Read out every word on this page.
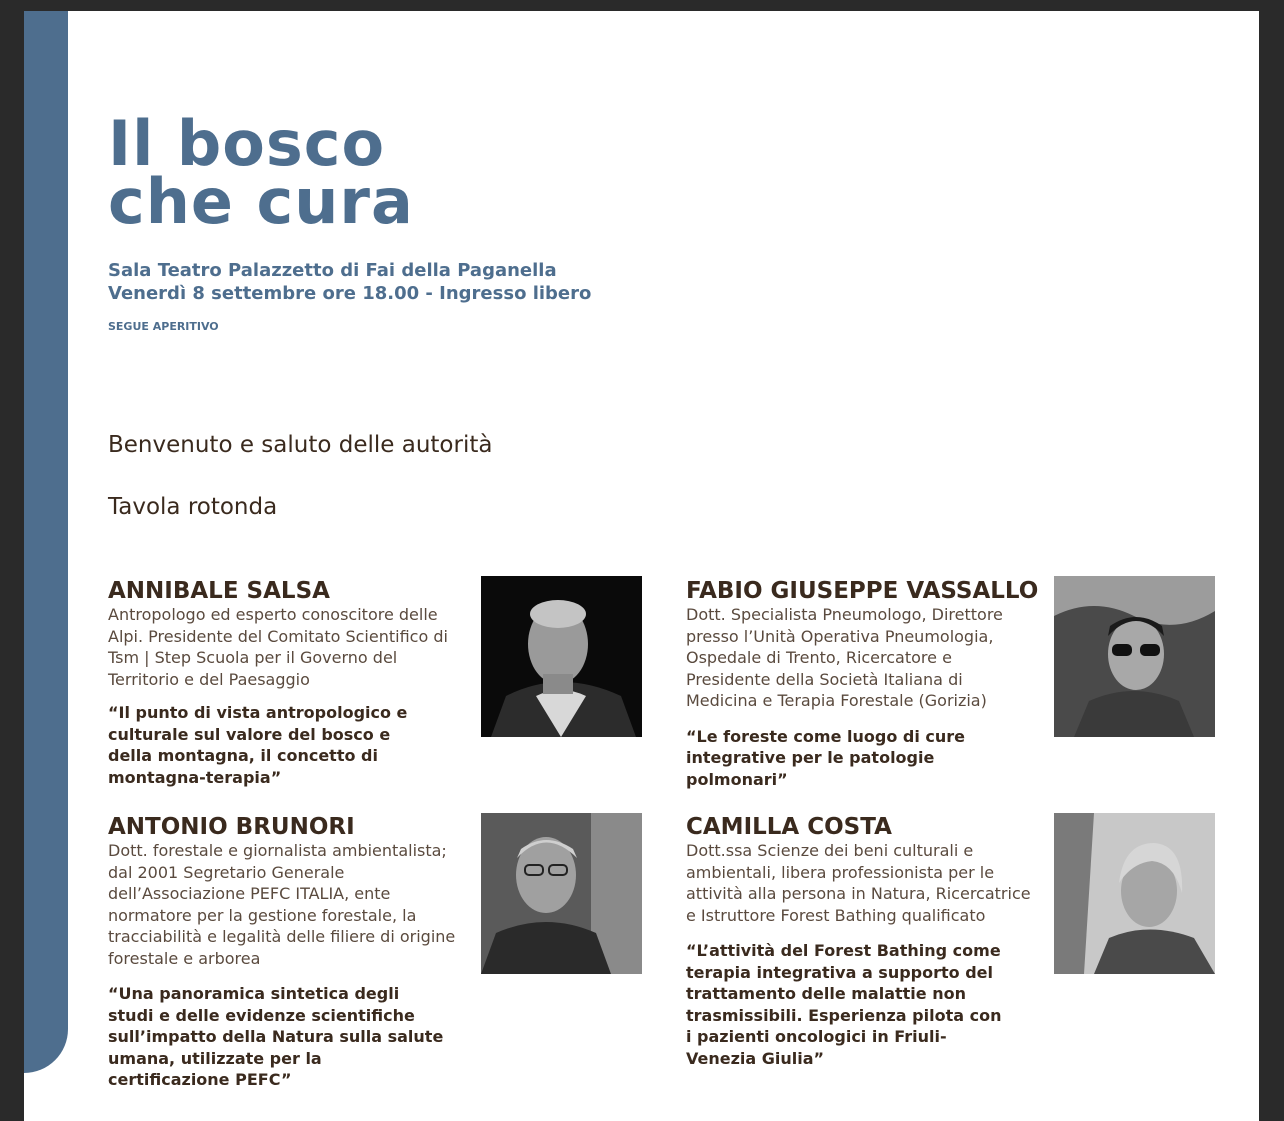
Il bosco
che cura
Sala Teatro Palazzetto di Fai della Paganella
Venerdì 8 settembre ore 18.00 - Ingresso libero
SEGUE APERITIVO
Benvenuto e saluto delle autorità
Tavola rotonda
ANNIBALE SALSA
Antropologo ed esperto conoscitore delle Alpi. Presidente del Comitato Scientifico di Tsm | Step Scuola per il Governo del Territorio e del Paesaggio
“Il punto di vista antropologico e culturale sul valore del bosco e della montagna, il concetto di montagna-terapia”
FABIO GIUSEPPE VASSALLO
Dott. Specialista Pneumologo, Direttore presso l’Unità Operativa Pneumologia, Ospedale di Trento, Ricercatore e Presidente della Società Italiana di Medicina e Terapia Forestale (Gorizia)
“Le foreste come luogo di cure integrative per le patologie polmonari”
ANTONIO BRUNORI
Dott. forestale e giornalista ambientalista; dal 2001 Segretario Generale dell’Associazione PEFC ITALIA, ente normatore per la gestione forestale, la tracciabilità e legalità delle filiere di origine forestale e arborea
“Una panoramica sintetica degli studi e delle evidenze scientifiche sull’impatto della Natura sulla salute umana, utilizzate per la certificazione PEFC”
CAMILLA COSTA
Dott.ssa Scienze dei beni culturali e ambientali, libera professionista per le attività alla persona in Natura, Ricercatrice e Istruttore Forest Bathing qualificato
“L’attività del Forest Bathing come terapia integrativa a supporto del trattamento delle malattie non trasmissibili. Esperienza pilota con i pazienti oncologici in Friuli-Venezia Giulia”
